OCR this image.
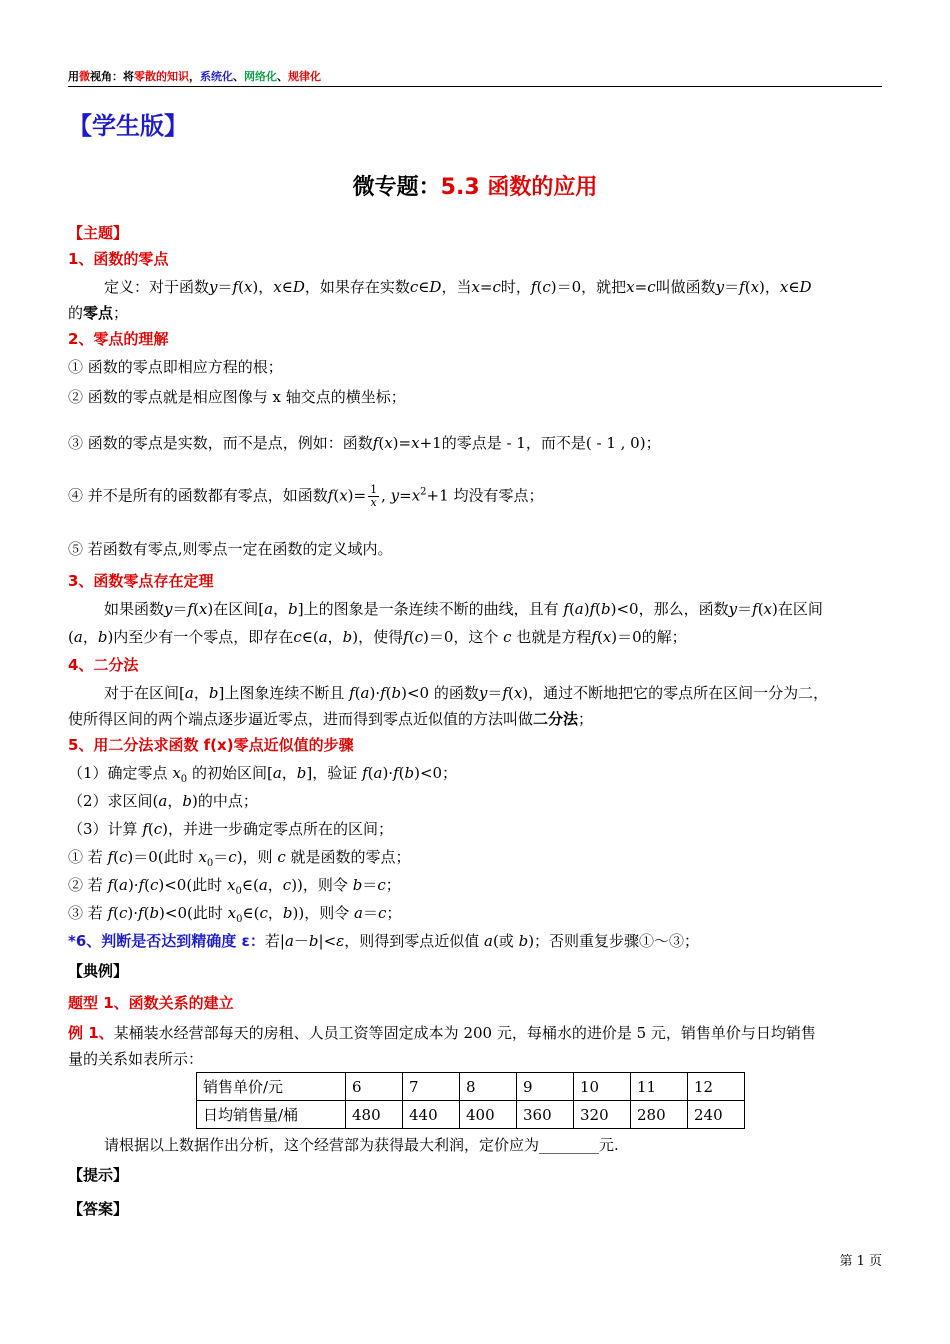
用微视角：将零散的知识，系统化、网络化、规律化
【学生版】
微专题：5.3 函数的应用
【主题】
1、函数的零点
定义：对于函数y＝f(x)，x∈D，如果存在实数c∈D，当x=c时，f(c)＝0，就把x=c叫做函数y＝f(x)，x∈D
的零点；
2、零点的理解
① 函数的零点即相应方程的根；
② 函数的零点就是相应图像与 x 轴交点的横坐标；
③ 函数的零点是实数，而不是点，例如：函数f(x)=x+1的零点是 - 1，而不是( - 1 , 0)；
④ 并不是所有的函数都有零点，如函数$f(x)= \frac{1}{x}$ , $y=x^2+1$ 均没有零点；
⑤ 若函数有零点,则零点一定在函数的定义域内。
3、函数零点存在定理
如果函数y＝f(x)在区间[a，b]上的图象是一条连续不断的曲线，且有 f(a)f(b)<0，那么，函数y＝f(x)在区间
(a，b)内至少有一个零点，即存在c∈(a，b)，使得f(c)＝0，这个 c 也就是方程f(x)＝0的解；
4、二分法
对于在区间[a，b]上图象连续不断且 f(a)·f(b)<0 的函数y＝f(x)，通过不断地把它的零点所在区间一分为二，
使所得区间的两个端点逐步逼近零点，进而得到零点近似值的方法叫做二分法；
5、用二分法求函数 f(x)零点近似值的步骤
（1）确定零点 $x_0$ 的初始区间[a，b]，验证 f(a)·f(b)<0；
（2）求区间(a，b)的中点；
（3）计算 f(c)，并进一步确定零点所在的区间；
① 若 f(c)＝0(此时 $x_0=c$)，则 c 就是函数的零点；
② 若 f(a)·f(c)<0(此时 $x_0\in(a$，c))，则令 b＝c；
③ 若 f(c)·f(b)<0(此时 $x_0\in(c$，b))，则令 a＝c；
*6、判断是否达到精确度 ε：若|a－b|<ε，则得到零点近似值 a(或 b)；否则重复步骤①～③；
【典例】
题型 1、函数关系的建立
例 1、某桶装水经营部每天的房租、人员工资等固定成本为 200 元，每桶水的进价是 5 元，销售单价与日均销售
量的关系如表所示：
销售单价/元	6	7	8	9	10	11	12
日均销售量/桶	480	440	400	360	320	280	240
请根据以上数据作出分析，这个经营部为获得最大利润，定价应为________元.
【提示】
【答案】
第 1 页
